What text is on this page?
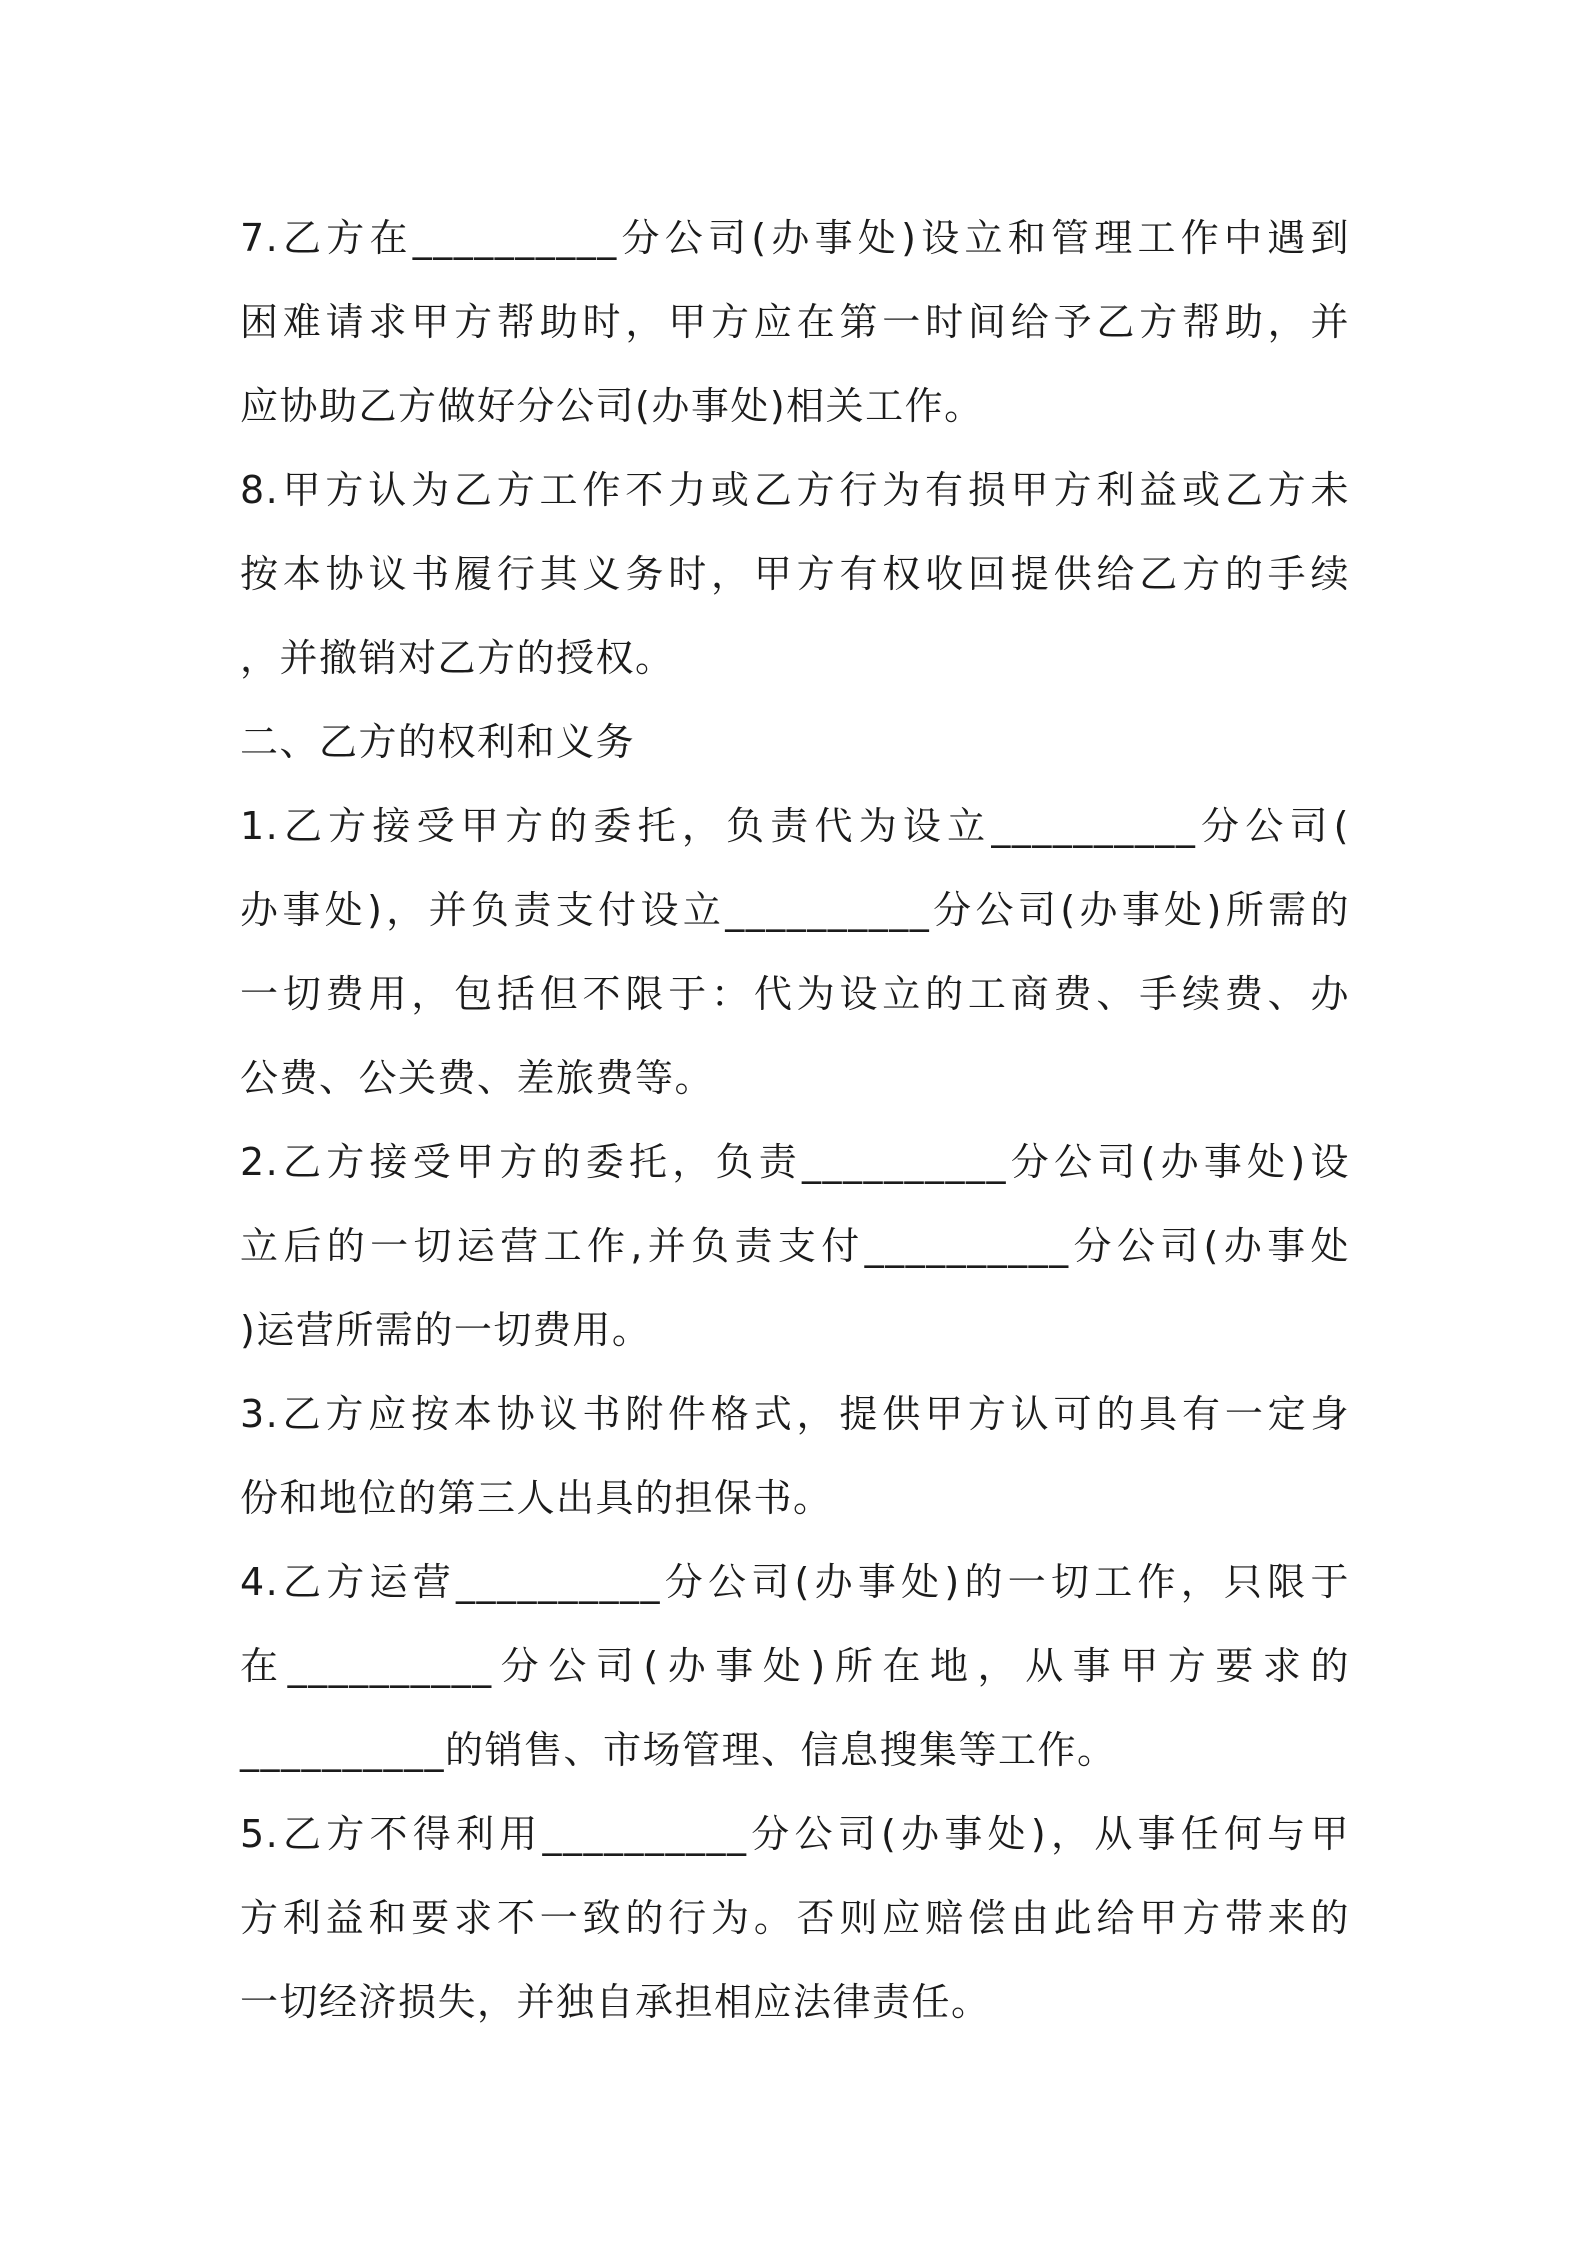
7.乙方在__________分公司(办事处)设立和管理工作中遇到
困难请求甲方帮助时，甲方应在第一时间给予乙方帮助，并
应协助乙方做好分公司(办事处)相关工作。
8.甲方认为乙方工作不力或乙方行为有损甲方利益或乙方未
按本协议书履行其义务时，甲方有权收回提供给乙方的手续
，并撤销对乙方的授权。
二、乙方的权利和义务
1.乙方接受甲方的委托，负责代为设立__________分公司(
办事处)，并负责支付设立__________分公司(办事处)所需的
一切费用，包括但不限于：代为设立的工商费、手续费、办
公费、公关费、差旅费等。
2.乙方接受甲方的委托，负责__________分公司(办事处)设
立后的一切运营工作,并负责支付__________分公司(办事处
)运营所需的一切费用。
3.乙方应按本协议书附件格式，提供甲方认可的具有一定身
份和地位的第三人出具的担保书。
4.乙方运营__________分公司(办事处)的一切工作，只限于
在__________分公司(办事处)所在地，从事甲方要求的
__________的销售、市场管理、信息搜集等工作。
5.乙方不得利用__________分公司(办事处)，从事任何与甲
方利益和要求不一致的行为。否则应赔偿由此给甲方带来的
一切经济损失，并独自承担相应法律责任。
